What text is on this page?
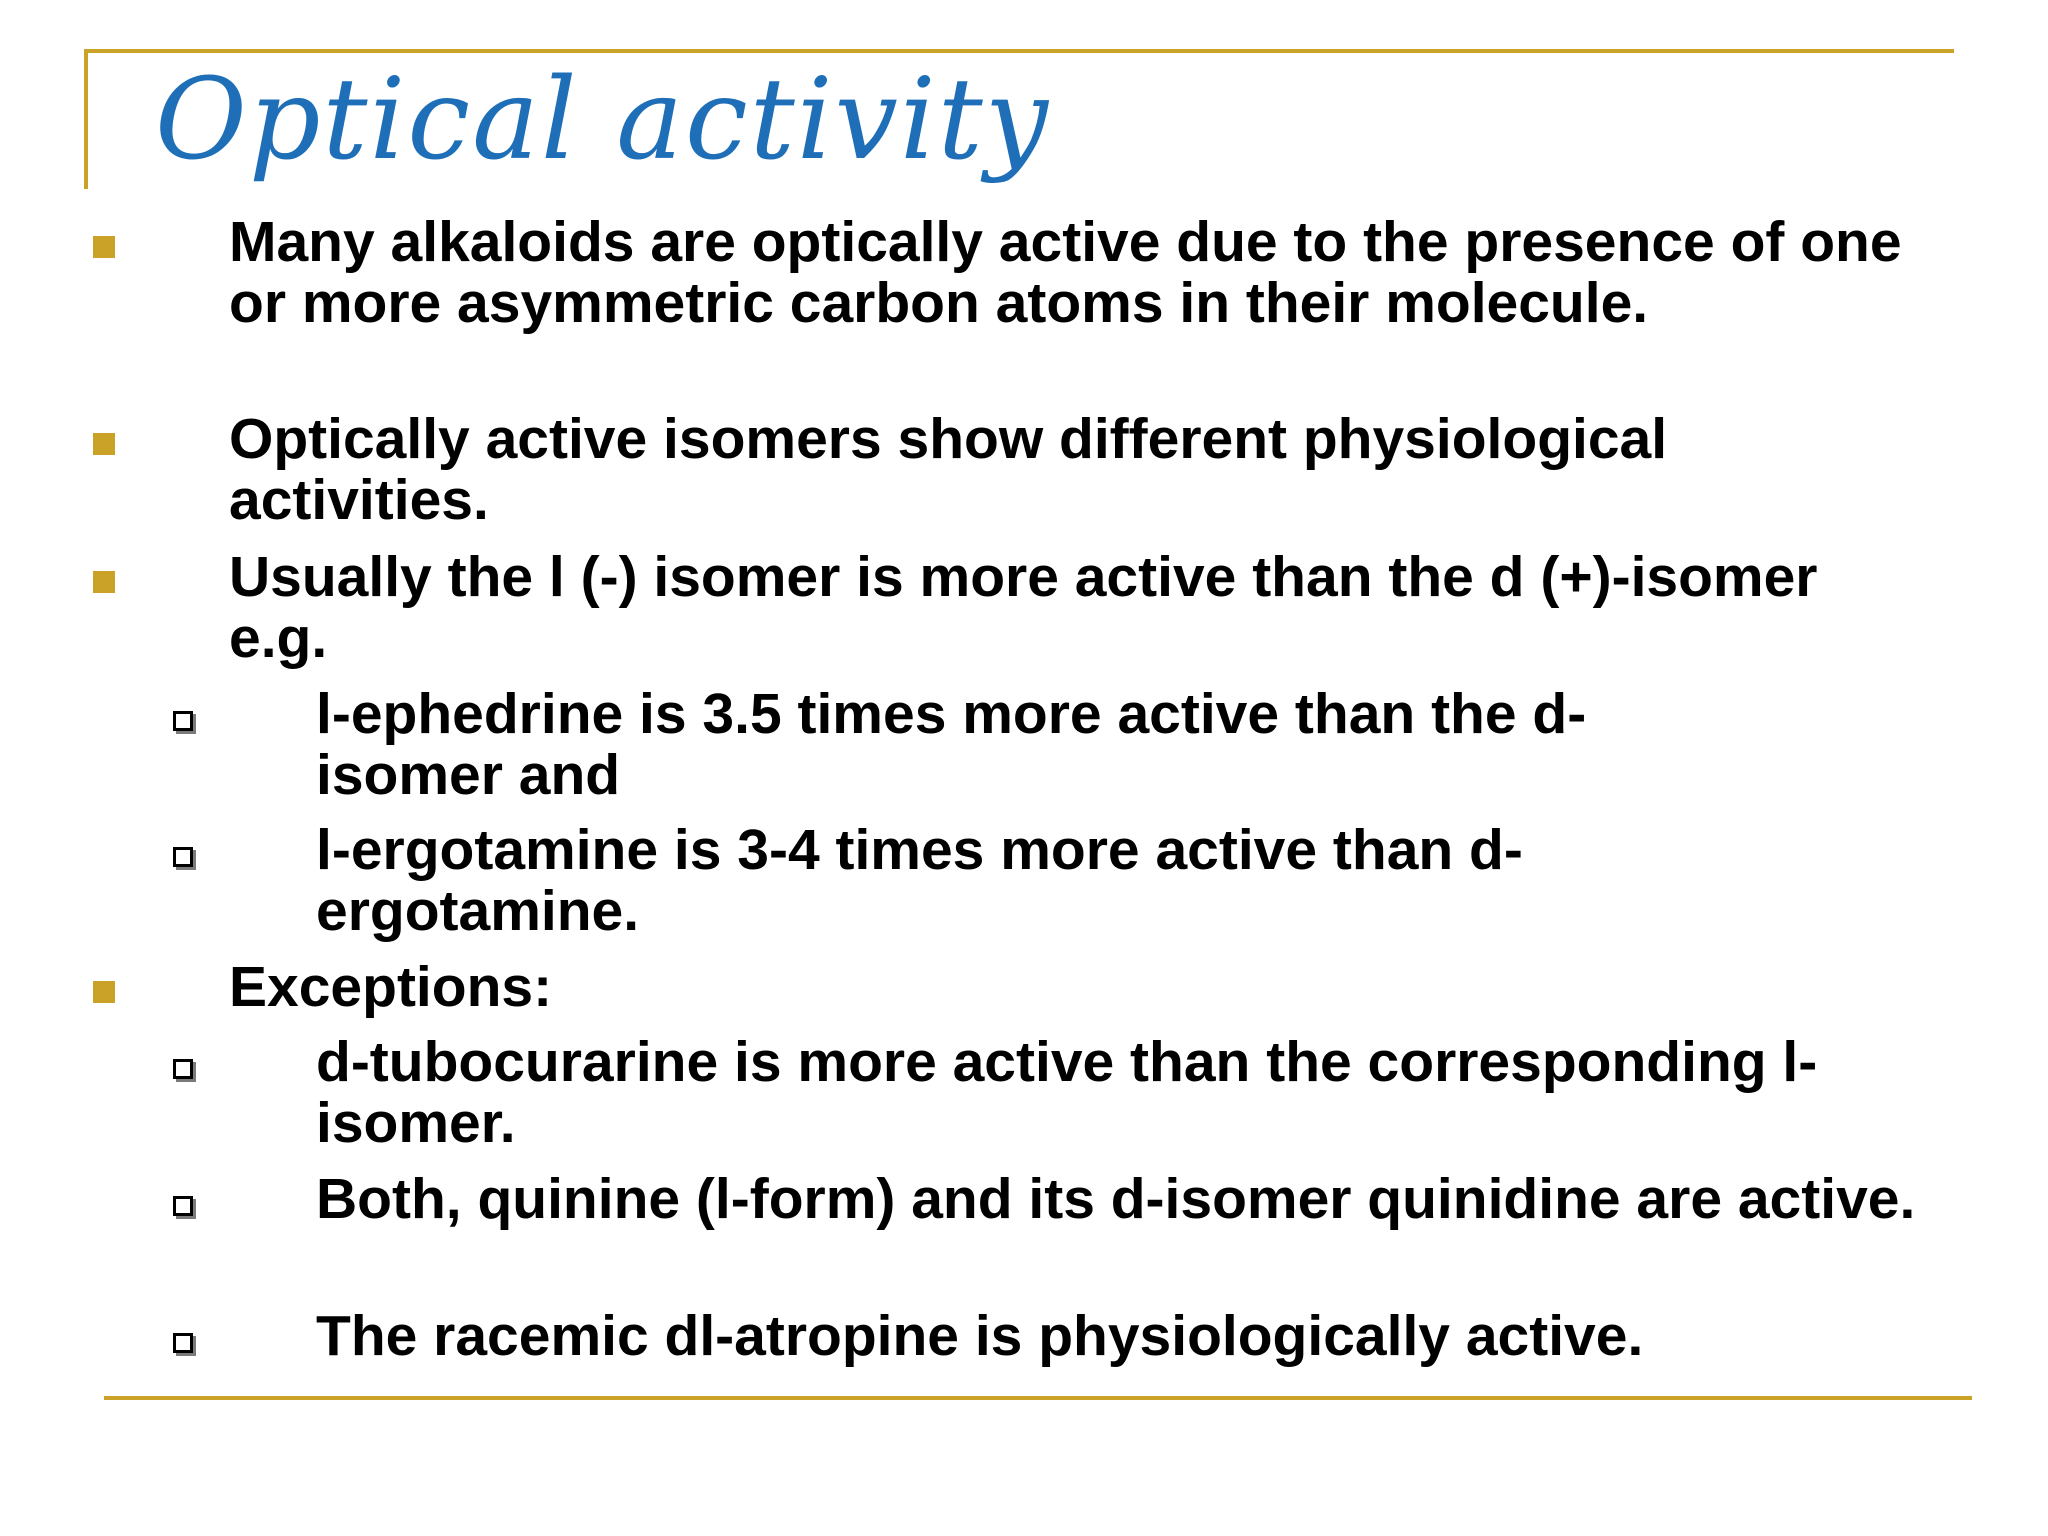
Optical activity
Many alkaloids are optically active due to the presence of one or more asymmetric carbon atoms in their molecule.
Optically active isomers show different physiological activities.
Usually the l (-) isomer is more active than the d (+)-isomer e.g.
l-ephedrine is 3.5 times more active than the d-isomer and
l-ergotamine is 3-4 times more active than d-ergotamine.
Exceptions:
d-tubocurarine is more active than the corresponding l-isomer.
Both, quinine (l-form) and its d-isomer quinidine are active.
The racemic dl-atropine is physiologically active.
